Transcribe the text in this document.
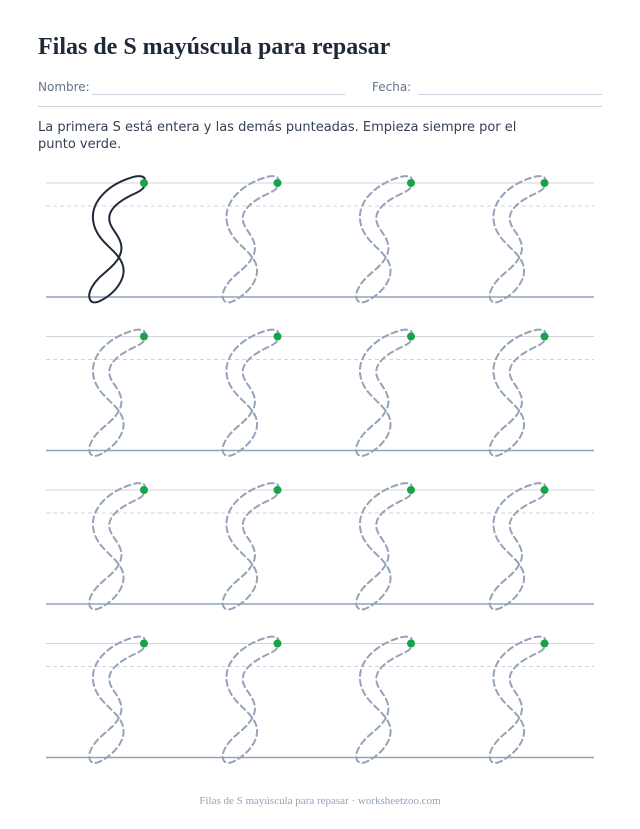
Filas de S mayúscula para repasar
Nombre:	Fecha:
La primera S está entera y las demás punteadas. Empieza siempre por el punto verde.
Filas de S mayúscula para repasar · worksheetzoo.com
